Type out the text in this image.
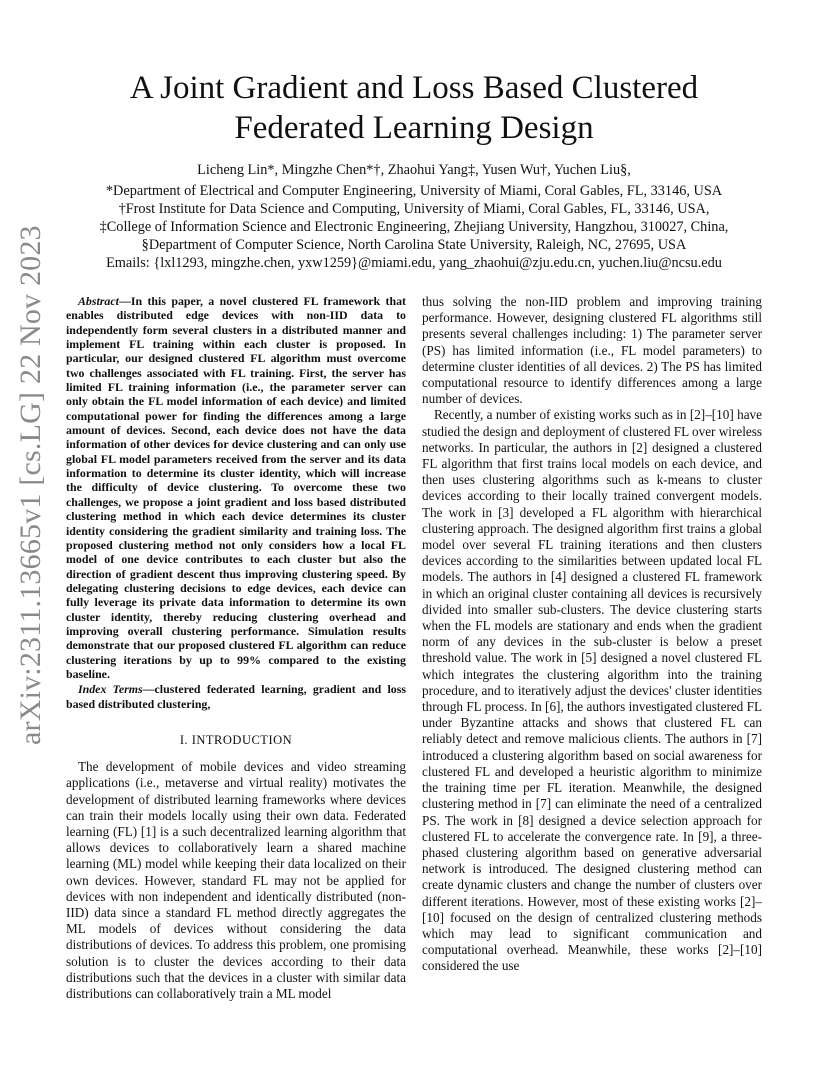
arXiv:2311.13665v1 [cs.LG] 22 Nov 2023
A Joint Gradient and Loss Based Clustered
Federated Learning Design
Licheng Lin*, Mingzhe Chen*†, Zhaohui Yang‡, Yusen Wu†, Yuchen Liu§,
*Department of Electrical and Computer Engineering, University of Miami, Coral Gables, FL, 33146, USA
†Frost Institute for Data Science and Computing, University of Miami, Coral Gables, FL, 33146, USA,
‡College of Information Science and Electronic Engineering, Zhejiang University, Hangzhou, 310027, China,
§Department of Computer Science, North Carolina State University, Raleigh, NC, 27695, USA
Emails: {lxl1293, mingzhe.chen, yxw1259}@miami.edu, yang_zhaohui@zju.edu.cn, yuchen.liu@ncsu.edu

Abstract—In this paper, a novel clustered FL framework that enables distributed edge devices with non-IID data to independently form several clusters in a distributed manner and implement FL training within each cluster is proposed. In particular, our designed clustered FL algorithm must overcome two challenges associated with FL training. First, the server has limited FL training information (i.e., the parameter server can only obtain the FL model information of each device) and limited computational power for finding the differences among a large amount of devices. Second, each device does not have the data information of other devices for device clustering and can only use global FL model parameters received from the server and its data information to determine its cluster identity, which will increase the difficulty of device clustering. To overcome these two challenges, we propose a joint gradient and loss based distributed clustering method in which each device determines its cluster identity considering the gradient similarity and training loss. The proposed clustering method not only considers how a local FL model of one device contributes to each cluster but also the direction of gradient descent thus improving clustering speed. By delegating clustering decisions to edge devices, each device can fully leverage its private data information to determine its own cluster identity, thereby reducing clustering overhead and improving overall clustering performance. Simulation results demonstrate that our proposed clustered FL algorithm can reduce clustering iterations by up to 99% compared to the existing baseline.

Index Terms—clustered federated learning, gradient and loss based distributed clustering,

I. INTRODUCTION

The development of mobile devices and video streaming applications (i.e., metaverse and virtual reality) motivates the development of distributed learning frameworks where devices can train their models locally using their own data. Federated learning (FL) [1] is a such decentralized learning algorithm that allows devices to collaboratively learn a shared machine learning (ML) model while keeping their data localized on their own devices. However, standard FL may not be applied for devices with non independent and identically distributed (non-IID) data since a standard FL method directly aggregates the ML models of devices without considering the data distributions of devices. To address this problem, one promising solution is to cluster the devices according to their data distributions such that the devices in a cluster with similar data distributions can collaboratively train a ML model

thus solving the non-IID problem and improving training performance. However, designing clustered FL algorithms still presents several challenges including: 1) The parameter server (PS) has limited information (i.e., FL model parameters) to determine cluster identities of all devices. 2) The PS has limited computational resource to identify differences among a large number of devices.

Recently, a number of existing works such as in [2]–[10] have studied the design and deployment of clustered FL over wireless networks. In particular, the authors in [2] designed a clustered FL algorithm that first trains local models on each device, and then uses clustering algorithms such as k-means to cluster devices according to their locally trained convergent models. The work in [3] developed a FL algorithm with hierarchical clustering approach. The designed algorithm first trains a global model over several FL training iterations and then clusters devices according to the similarities between updated local FL models. The authors in [4] designed a clustered FL framework in which an original cluster containing all devices is recursively divided into smaller sub-clusters. The device clustering starts when the FL models are stationary and ends when the gradient norm of any devices in the sub-cluster is below a preset threshold value. The work in [5] designed a novel clustered FL which integrates the clustering algorithm into the training procedure, and to iteratively adjust the devices' cluster identities through FL process. In [6], the authors investigated clustered FL under Byzantine attacks and shows that clustered FL can reliably detect and remove malicious clients. The authors in [7] introduced a clustering algorithm based on social awareness for clustered FL and developed a heuristic algorithm to minimize the training time per FL iteration. Meanwhile, the designed clustering method in [7] can eliminate the need of a centralized PS. The work in [8] designed a device selection approach for clustered FL to accelerate the convergence rate. In [9], a three-phased clustering algorithm based on generative adversarial network is introduced. The designed clustering method can create dynamic clusters and change the number of clusters over different iterations. However, most of these existing works [2]–[10] focused on the design of centralized clustering methods which may lead to significant communication and computational overhead. Meanwhile, these works [2]–[10] considered the use
